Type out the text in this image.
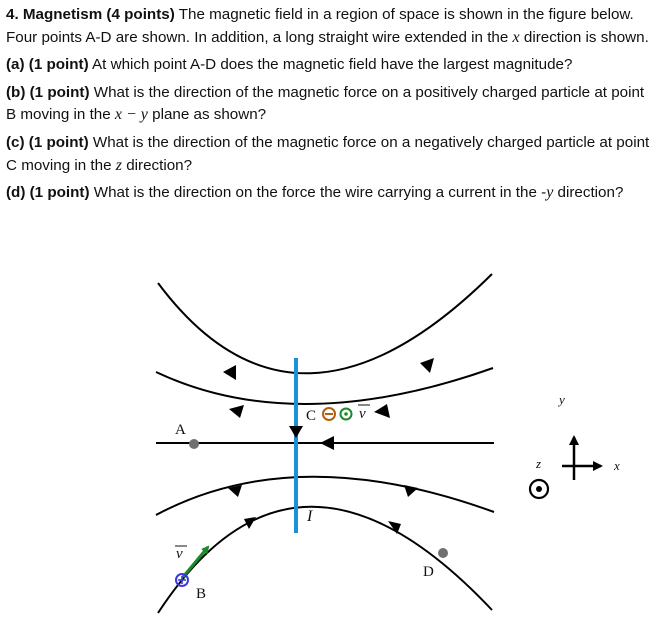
4. Magnetism (4 points) The magnetic field in a region of space is shown in the figure below. Four points A-D are shown. In addition, a long straight wire extended in the x direction is shown.

(a) (1 point) At which point A-D does the magnetic field have the largest magnitude?

(b) (1 point) What is the direction of the magnetic force on a positively charged particle at point B moving in the x − y plane as shown?

(c) (1 point) What is the direction of the magnetic force on a negatively charged particle at point C moving in the z direction?

(d) (1 point) What is the direction on the force the wire carrying a current in the -y direction?

I
A
C	v
D
v
B
y
x
z
